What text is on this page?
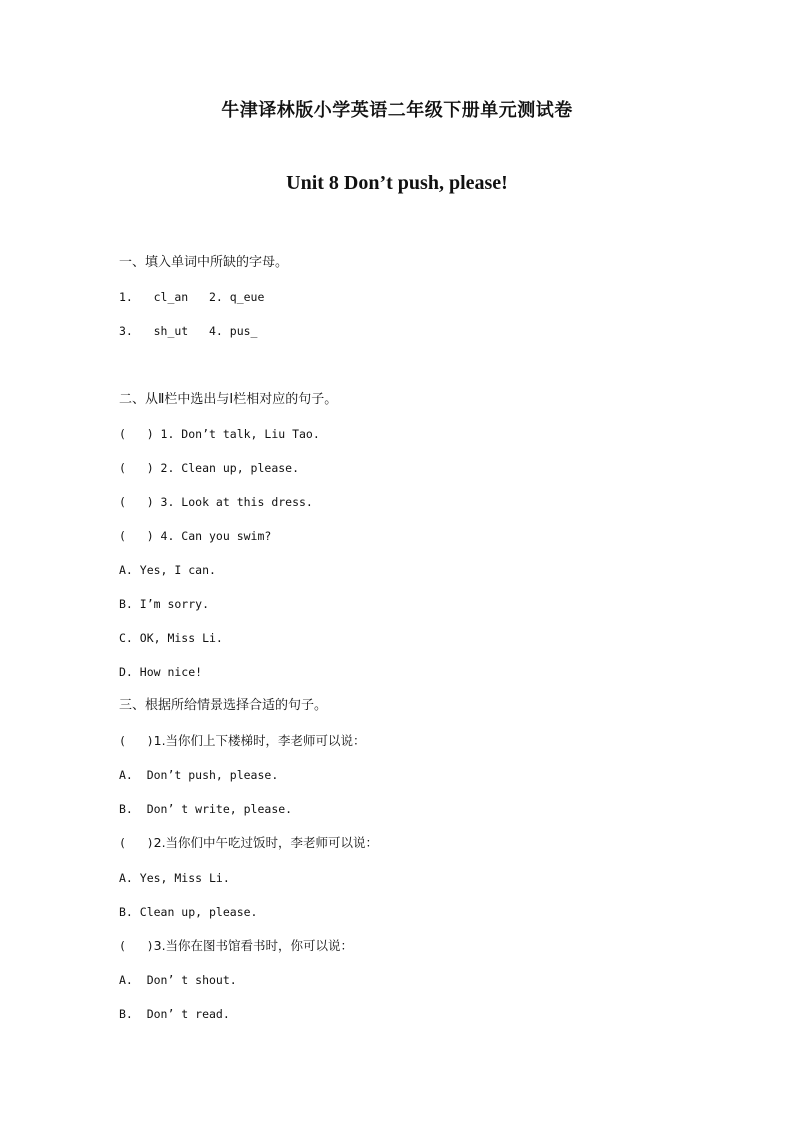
牛津译林版小学英语二年级下册单元测试卷
Unit 8 Don’t push, please!
一、填入单词中所缺的字母。
1.   cl_an   2. q_eue
3.   sh_ut   4. pus_
二、从Ⅱ栏中选出与Ⅰ栏相对应的句子。
(   ) 1. Don’t talk, Liu Tao.
(   ) 2. Clean up, please.
(   ) 3. Look at this dress.
(   ) 4. Can you swim?
A. Yes, I can.
B. I’m sorry.
C. OK, Miss Li.
D. How nice!
三、根据所给情景选择合适的句子。
(   )1.当你们上下楼梯时，李老师可以说：
A.  Don’t push, please.
B.  Don’ t write, please.
(   )2.当你们中午吃过饭时，李老师可以说：
A. Yes, Miss Li.
B. Clean up, please.
(   )3.当你在图书馆看书时，你可以说：
A.  Don’ t shout.
B.  Don’ t read.
